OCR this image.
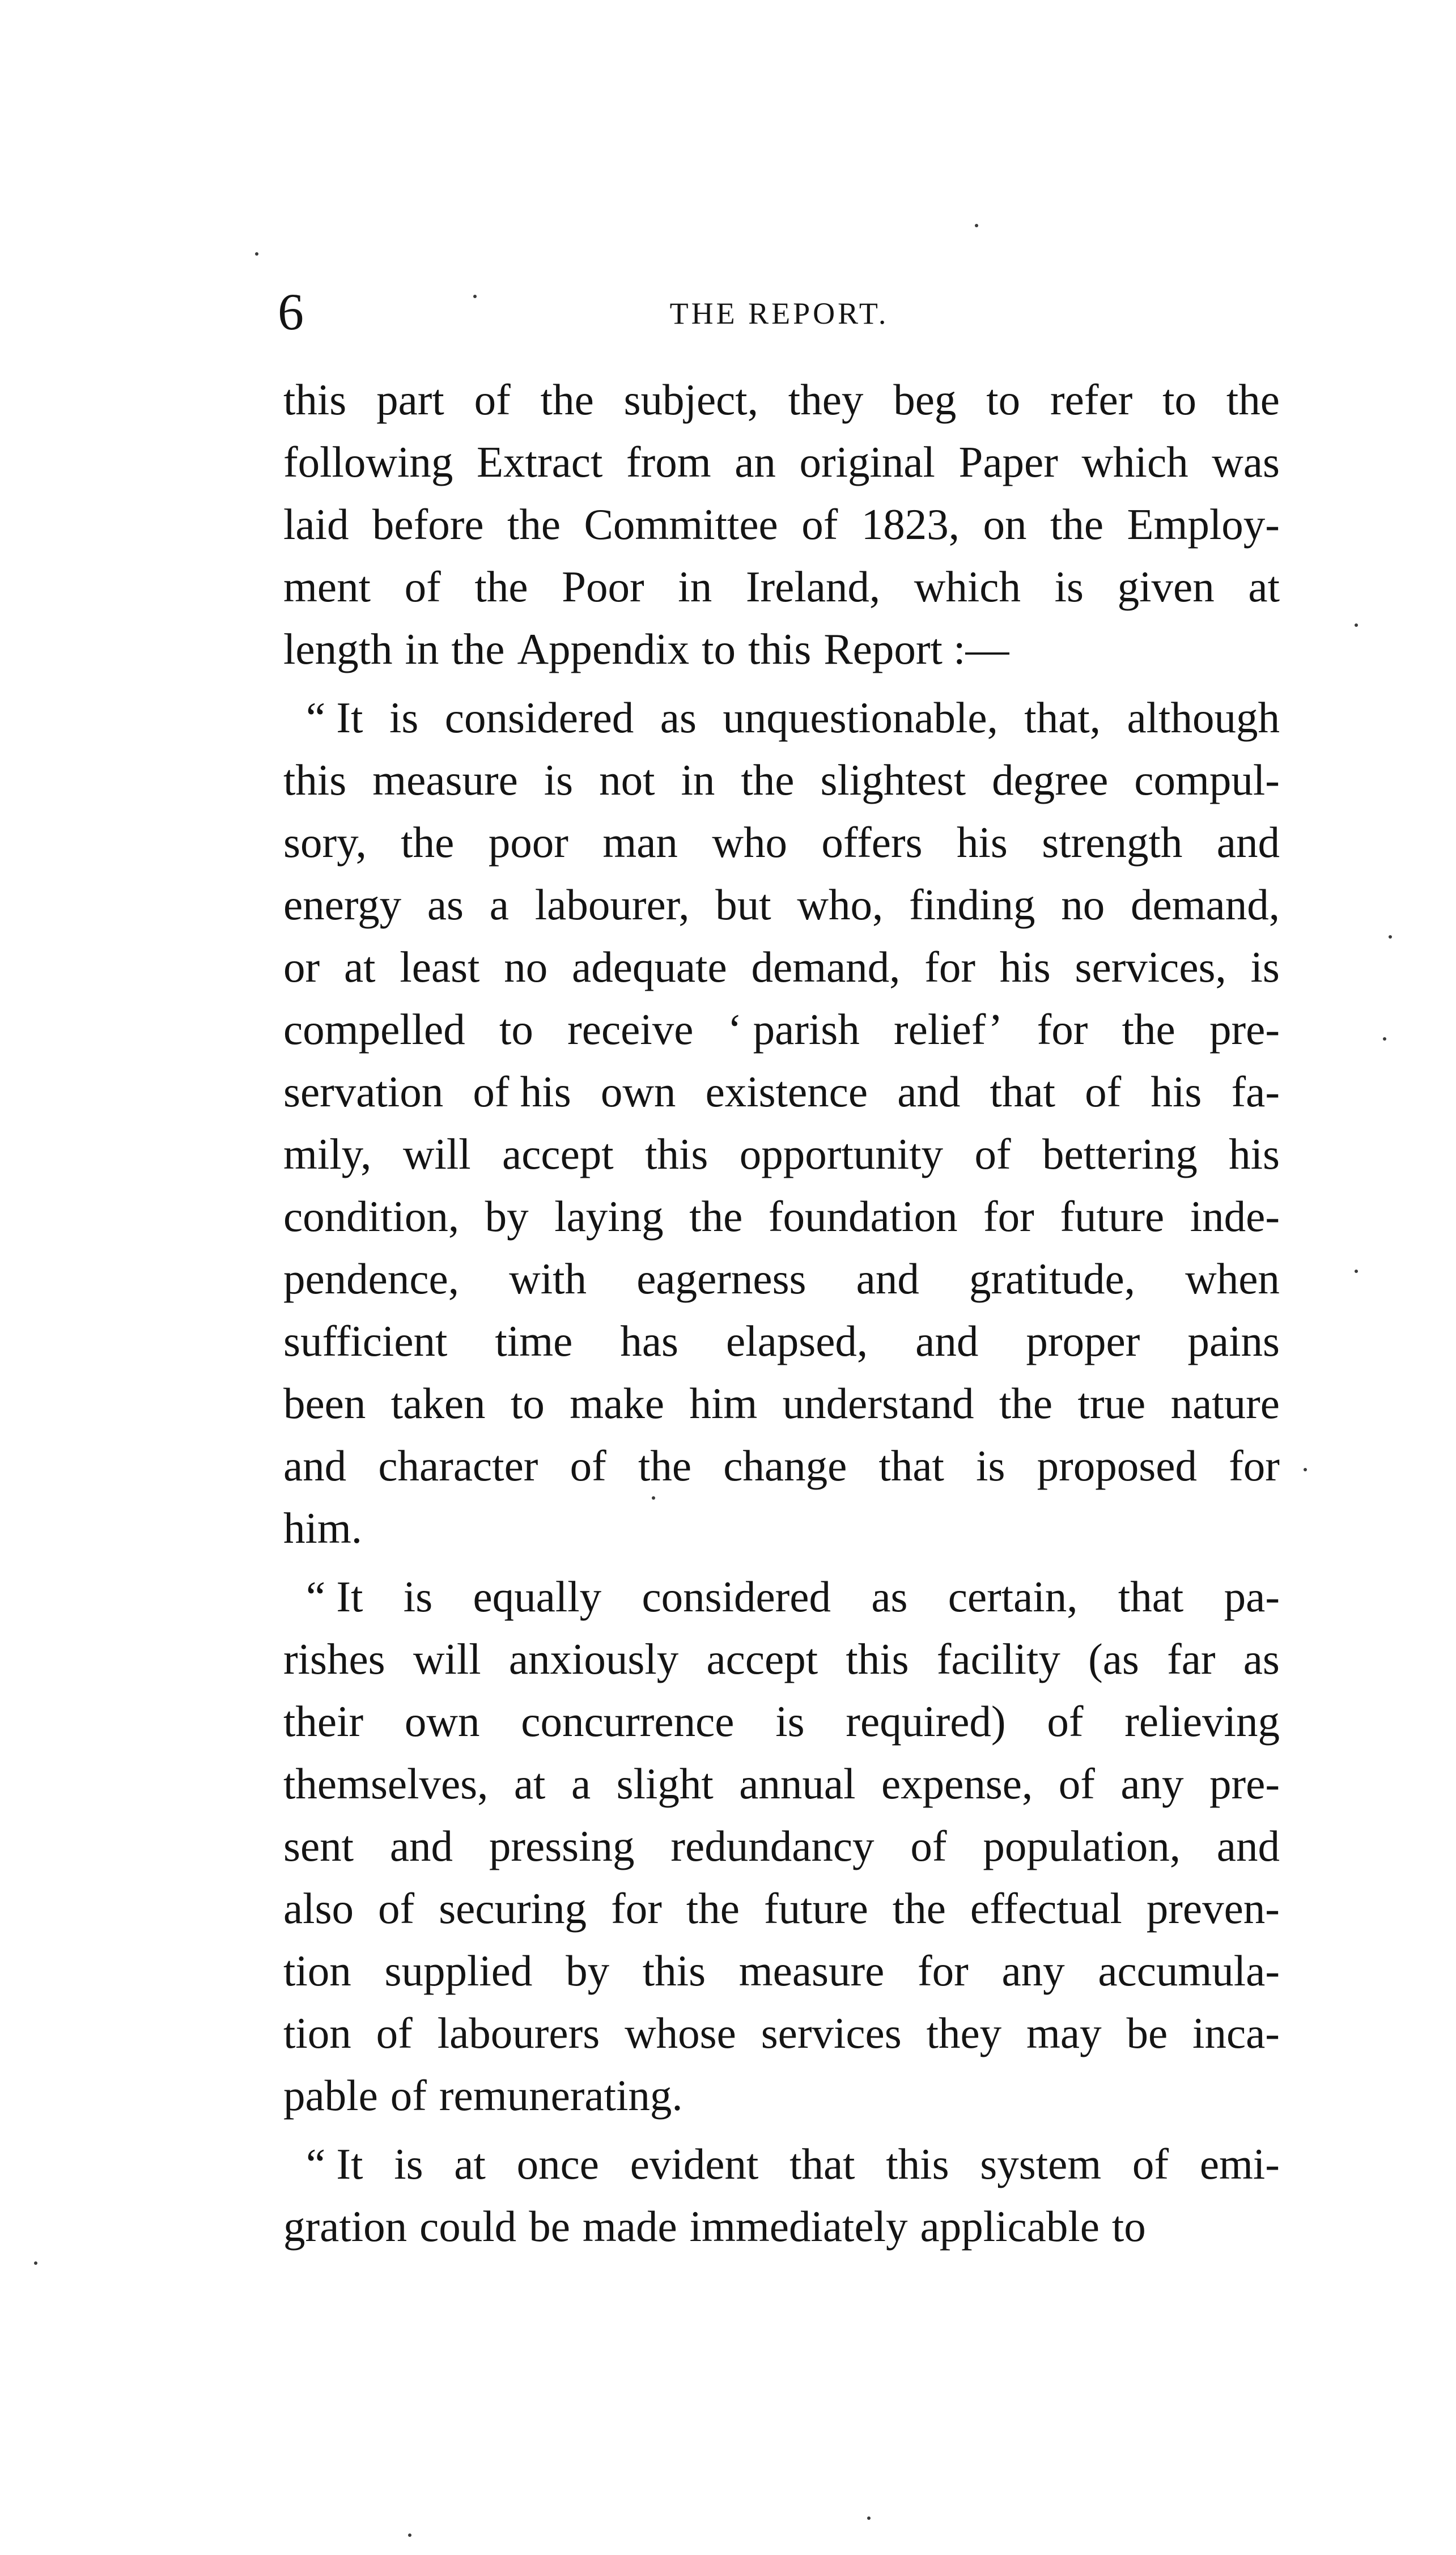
6	THE REPORT.
this part of the subject, they beg to refer to the
following Extract from an original Paper which was
laid before the Committee of 1823, on the Employ-
ment of the Poor in Ireland, which is given at
length in the Appendix to this Report :—
“ It is considered as unquestionable, that, although
this measure is not in the slightest degree compul-
sory, the poor man who offers his strength and
energy as a labourer, but who, finding no demand,
or at least no adequate demand, for his services, is
compelled to receive ‘ parish relief’ for the pre-
servation of his own existence and that of his fa-
mily, will accept this opportunity of bettering his
condition, by laying the foundation for future inde-
pendence, with eagerness and gratitude, when
sufficient time has elapsed, and proper pains
been taken to make him understand the true nature
and character of the change that is proposed for
him.
“ It is equally considered as certain, that pa-
rishes will anxiously accept this facility (as far as
their own concurrence is required) of relieving
themselves, at a slight annual expense, of any pre-
sent and pressing redundancy of population, and
also of securing for the future the effectual preven-
tion supplied by this measure for any accumula-
tion of labourers whose services they may be inca-
pable of remunerating.
“ It is at once evident that this system of emi-
gration could be made immediately applicable to
